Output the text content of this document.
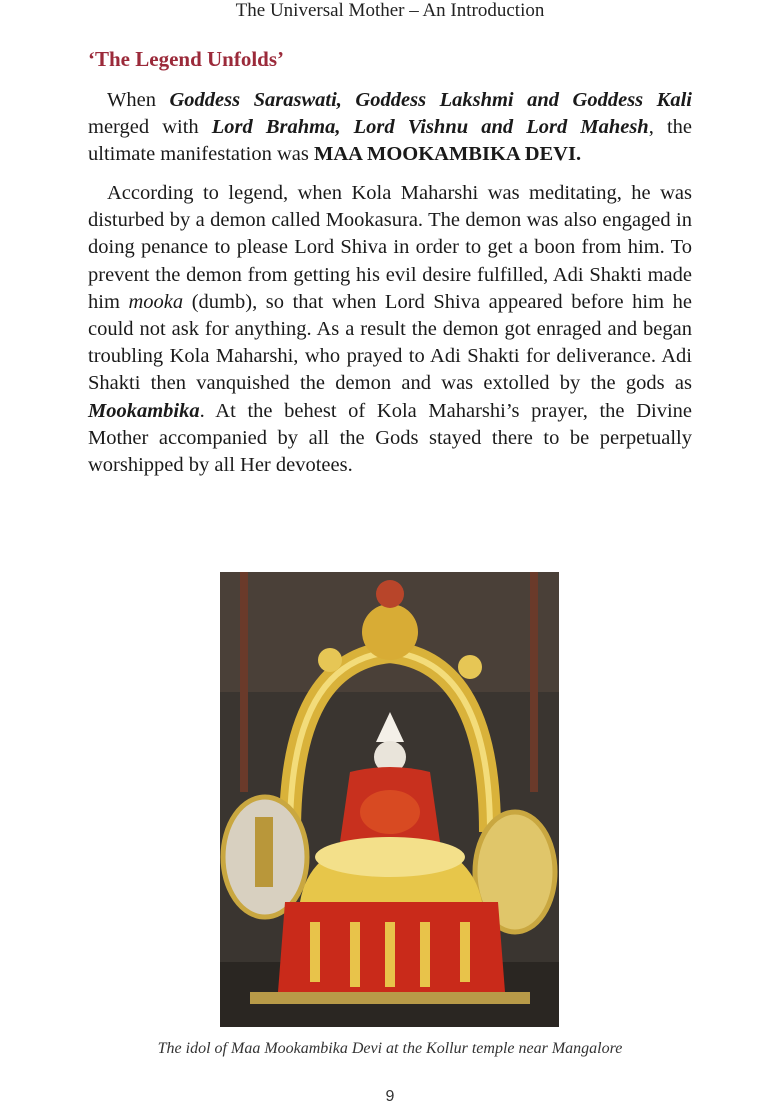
The Universal Mother – An Introduction
‘The Legend Unfolds’

When Goddess Saraswati, Goddess Lakshmi and Goddess Kali merged with Lord Brahma, Lord Vishnu and Lord Mahesh, the ultimate manifestation was MAA MOOKAMBIKA DEVI.

According to legend, when Kola Maharshi was meditating, he was disturbed by a demon called Mookasura. The demon was also engaged in doing penance to please Lord Shiva in order to get a boon from him. To prevent the demon from getting his evil desire fulfilled, Adi Shakti made him mooka (dumb), so that when Lord Shiva appeared before him he could not ask for anything. As a result the demon got enraged and began troubling Kola Maharshi, who prayed to Adi Shakti for deliverance. Adi Shakti then vanquished the demon and was extolled by the gods as Mookambika. At the behest of Kola Maharshi’s prayer, the Divine Mother accompanied by all the Gods stayed there to be perpetually worshipped by all Her devotees.

The idol of Maa Mookambika Devi at the Kollur temple near Mangalore
9
